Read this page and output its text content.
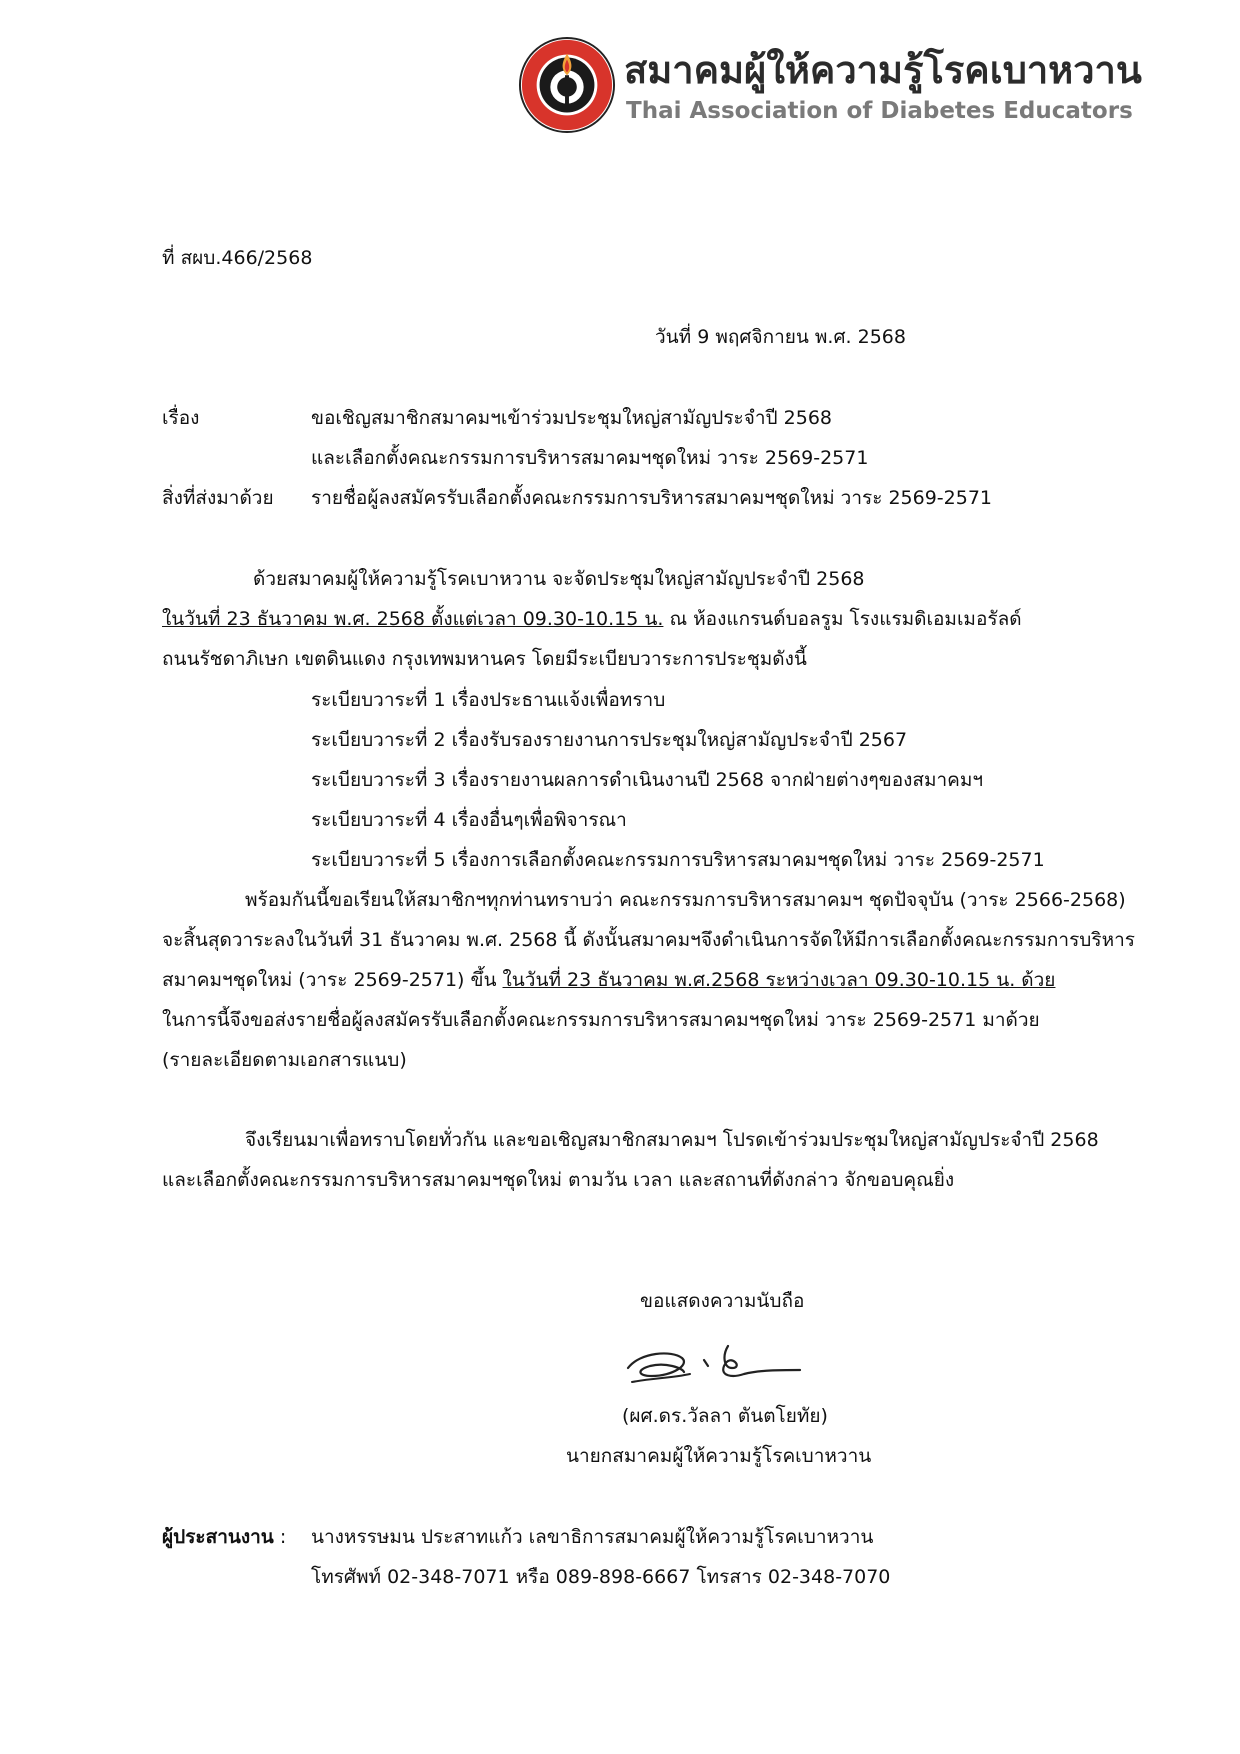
สมาคมผู้ให้ความรู้โรคเบาหวาน
Thai Association of Diabetes Educators
ที่ สผบ.466/2568
วันที่ 9 พฤศจิกายน พ.ศ. 2568
เรื่อง	ขอเชิญสมาชิกสมาคมฯเข้าร่วมประชุมใหญ่สามัญประจำปี 2568
และเลือกตั้งคณะกรรมการบริหารสมาคมฯชุดใหม่ วาระ 2569-2571
สิ่งที่ส่งมาด้วย รายชื่อผู้ลงสมัครรับเลือกตั้งคณะกรรมการบริหารสมาคมฯชุดใหม่ วาระ 2569-2571
ด้วยสมาคมผู้ให้ความรู้โรคเบาหวาน จะจัดประชุมใหญ่สามัญประจำปี 2568
ในวันที่ 23 ธันวาคม พ.ศ. 2568 ตั้งแต่เวลา 09.30-10.15 น. ณ ห้องแกรนด์บอลรูม โรงแรมดิเอมเมอรัลด์
ถนนรัชดาภิเษก เขตดินแดง กรุงเทพมหานคร โดยมีระเบียบวาระการประชุมดังนี้
ระเบียบวาระที่ 1 เรื่องประธานแจ้งเพื่อทราบ
ระเบียบวาระที่ 2 เรื่องรับรองรายงานการประชุมใหญ่สามัญประจำปี 2567
ระเบียบวาระที่ 3 เรื่องรายงานผลการดำเนินงานปี 2568 จากฝ่ายต่างๆของสมาคมฯ
ระเบียบวาระที่ 4 เรื่องอื่นๆเพื่อพิจารณา
ระเบียบวาระที่ 5 เรื่องการเลือกตั้งคณะกรรมการบริหารสมาคมฯชุดใหม่ วาระ 2569-2571
พร้อมกันนี้ขอเรียนให้สมาชิกฯทุกท่านทราบว่า คณะกรรมการบริหารสมาคมฯ ชุดปัจจุบัน (วาระ 2566-2568)
จะสิ้นสุดวาระลงในวันที่ 31 ธันวาคม พ.ศ. 2568 นี้ ดังนั้นสมาคมฯจึงดำเนินการจัดให้มีการเลือกตั้งคณะกรรมการบริหาร
สมาคมฯชุดใหม่ (วาระ 2569-2571) ขึ้น ในวันที่ 23 ธันวาคม พ.ศ.2568 ระหว่างเวลา 09.30-10.15 น. ด้วย
ในการนี้จึงขอส่งรายชื่อผู้ลงสมัครรับเลือกตั้งคณะกรรมการบริหารสมาคมฯชุดใหม่ วาระ 2569-2571 มาด้วย
(รายละเอียดตามเอกสารแนบ)
จึงเรียนมาเพื่อทราบโดยทั่วกัน และขอเชิญสมาชิกสมาคมฯ โปรดเข้าร่วมประชุมใหญ่สามัญประจำปี 2568
และเลือกตั้งคณะกรรมการบริหารสมาคมฯชุดใหม่ ตามวัน เวลา และสถานที่ดังกล่าว จักขอบคุณยิ่ง
ขอแสดงความนับถือ
(ผศ.ดร.วัลลา ตันตโยทัย)
นายกสมาคมผู้ให้ความรู้โรคเบาหวาน
ผู้ประสานงาน : นางหรรษมน ประสาทแก้ว เลขาธิการสมาคมผู้ให้ความรู้โรคเบาหวาน
โทรศัพท์ 02-348-7071 หรือ 089-898-6667 โทรสาร 02-348-7070
